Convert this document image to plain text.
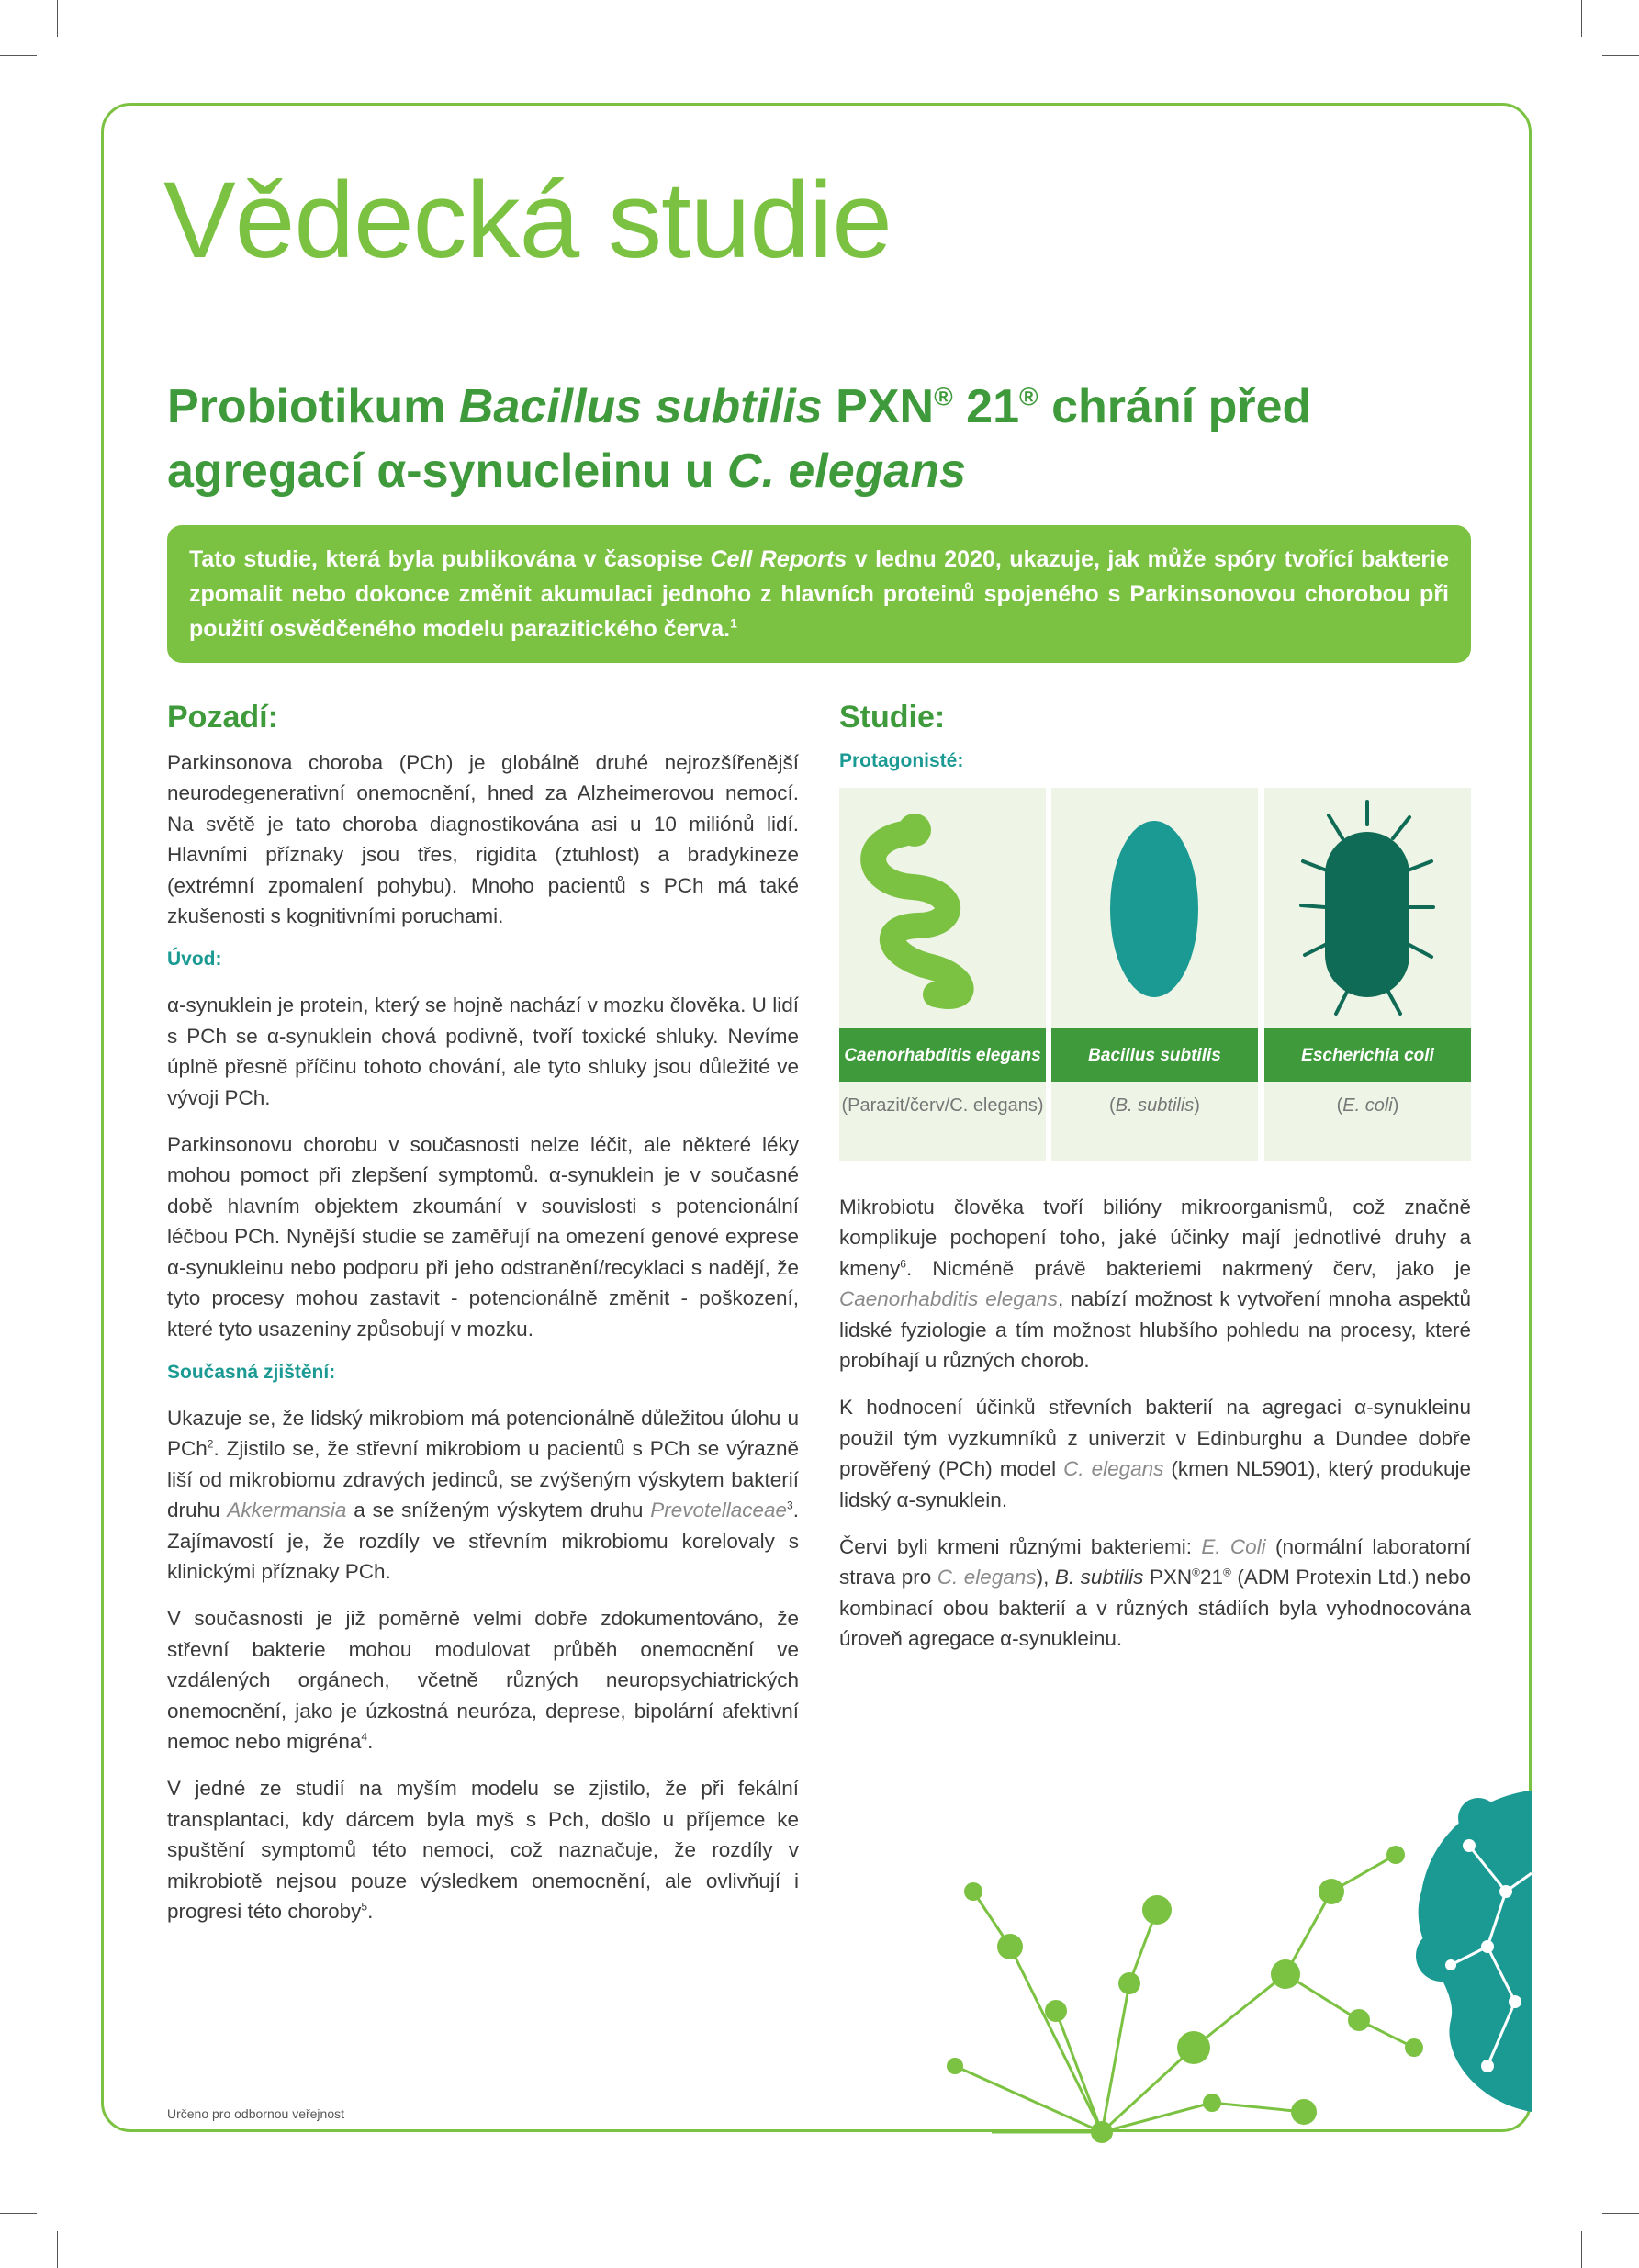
Vědecká studie
Probiotikum Bacillus subtilis PXN® 21® chrání před
agregací α-synucleinu u C. elegans
Tato studie, která byla publikována v časopise Cell Reports v lednu 2020, ukazuje, jak může spóry tvořící bakterie zpomalit nebo dokonce změnit akumulaci jednoho z hlavních proteinů spojeného s Parkinsonovou chorobou při použití osvědčeného modelu parazitického červa.$^1$
Pozadí:

Parkinsonova choroba (PCh) je globálně druhé nejrozšířenější neurodegenerativní onemocnění, hned za Alzheimerovou nemocí. Na světě je tato choroba diagnostikována asi u 10 miliónů lidí. Hlavními příznaky jsou třes, rigidita (ztuhlost) a bradykineze (extrémní zpomalení pohybu). Mnoho pacientů s PCh má také zkušenosti s kognitivními poruchami.

Úvod:

α-synuklein je protein, který se hojně nachází v mozku člověka. U lidí s PCh se α-synuklein chová podivně, tvoří toxické shluky. Nevíme úplně přesně příčinu tohoto chování, ale tyto shluky jsou důležité ve vývoji PCh.

Parkinsonovu chorobu v současnosti nelze léčit, ale některé léky mohou pomoct při zlepšení symptomů. α-synuklein je v současné době hlavním objektem zkoumání v souvislosti s potencionální léčbou PCh. Nynější studie se zaměřují na omezení genové exprese α-synukleinu nebo podporu při jeho odstranění/recyklaci s nadějí, že tyto procesy mohou zastavit - potencionálně změnit - poškození, které tyto usazeniny způsobují v mozku.

Současná zjištění:

Ukazuje se, že lidský mikrobiom má potencionálně důležitou úlohu u PCh$^2$. Zjistilo se, že střevní mikrobiom u pacientů s PCh se výrazně liší od mikrobiomu zdravých jedinců, se zvýšeným výskytem bakterií druhu Akkermansia a se sníženým výskytem druhu Prevotellaceae$^3$. Zajímavostí je, že rozdíly ve střevním mikrobiomu korelovaly s klinickými příznaky PCh.

V současnosti je již poměrně velmi dobře zdokumentováno, že střevní bakterie mohou modulovat průběh onemocnění ve vzdálených orgánech, včetně různých neuropsychiatrických onemocnění, jako je úzkostná neuróza, deprese, bipolární afektivní nemoc nebo migréna$^4$.

V jedné ze studií na myším modelu se zjistilo, že při fekální transplantaci, kdy dárcem byla myš s Pch, došlo u příjemce ke spuštění symptomů této nemoci, což naznačuje, že rozdíly v mikrobiotě nejsou pouze výsledkem onemocnění, ale ovlivňují i progresi této choroby$^5$.

Studie:
Protagonisté:
Caenorhabditis elegans
(Parazit/červ/C. elegans)
Bacillus subtilis
(B. subtilis)
Escherichia coli
(E. coli)

Mikrobiotu člověka tvoří bilióny mikroorganismů, což značně komplikuje pochopení toho, jaké účinky mají jednotlivé druhy a kmeny$^6$. Nicméně právě bakteriemi nakrmený červ, jako je Caenorhabditis elegans, nabízí možnost k vytvoření mnoha aspektů lidské fyziologie a tím možnost hlubšího pohledu na procesy, které probíhají u různých chorob.

K hodnocení účinků střevních bakterií na agregaci α-synukleinu použil tým vyzkumníků z univerzit v Edinburghu a Dundee dobře prověřený (PCh) model C. elegans (kmen NL5901), který produkuje lidský α-synuklein.

Červi byli krmeni různými bakteriemi: E. Coli (normální laboratorní strava pro C. elegans), B. subtilis PXN®21® (ADM Protexin Ltd.) nebo kombinací obou bakterií a v různých stádiích byla vyhodnocována úroveň agregace α-synukleinu.

Určeno pro odbornou veřejnost
